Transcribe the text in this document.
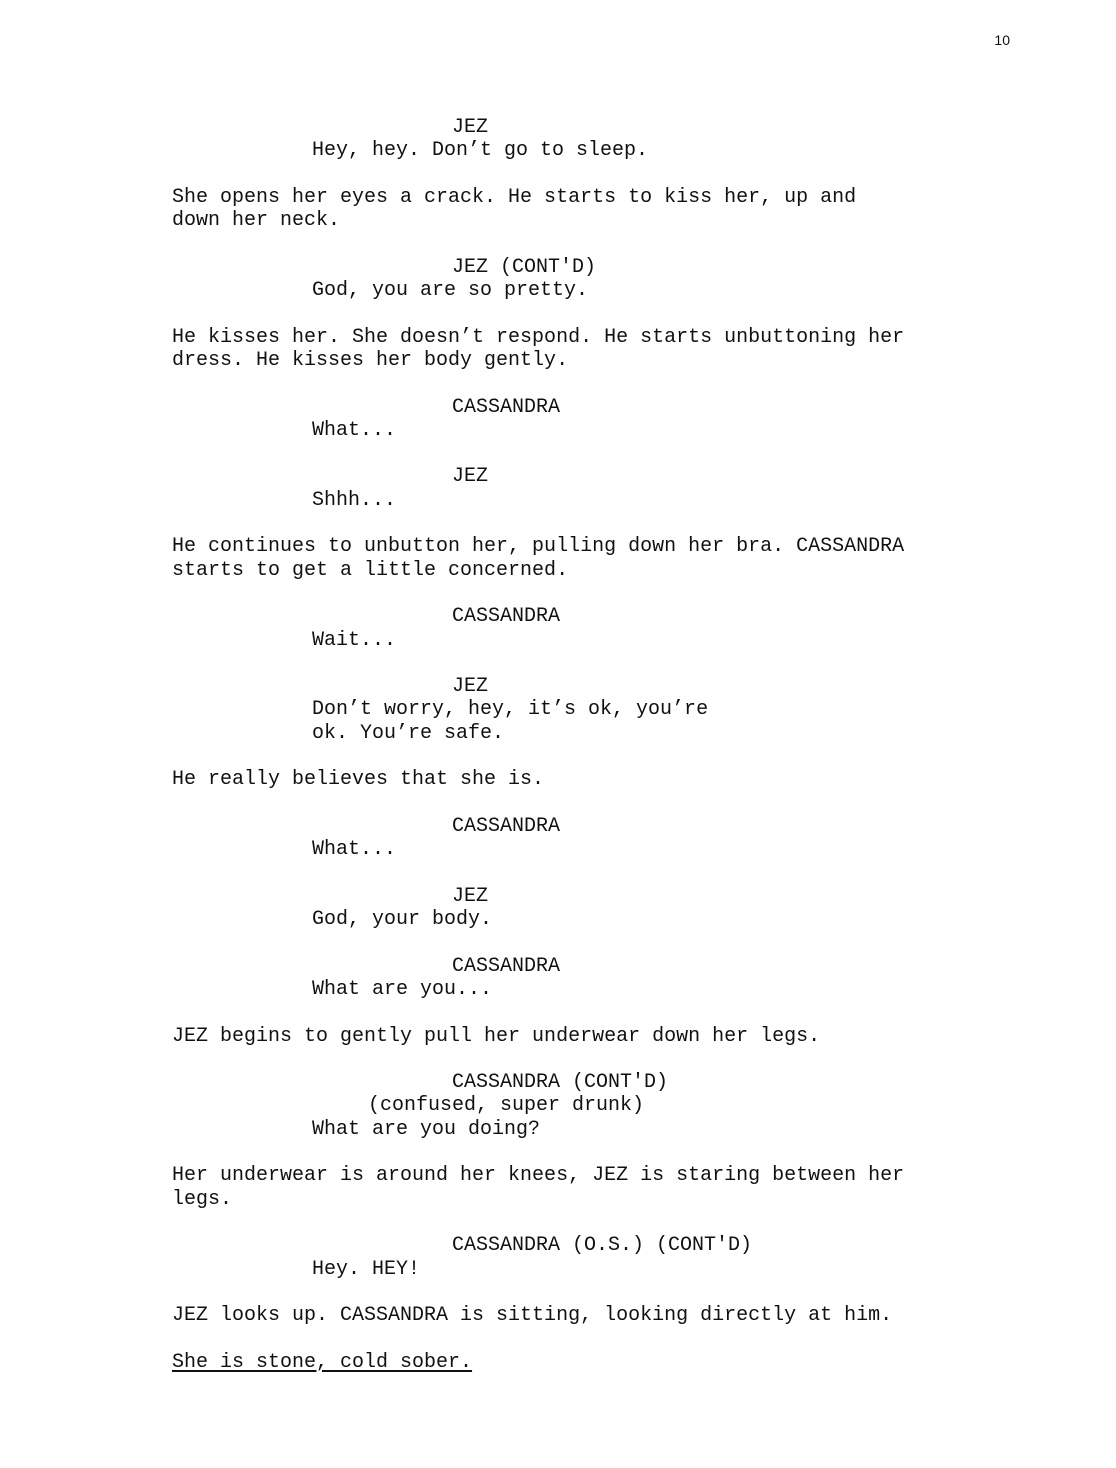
10
JEZ
Hey, hey. Don’t go to sleep.
She opens her eyes a crack. He starts to kiss her, up and
down her neck.
JEZ (CONT'D)
God, you are so pretty.
He kisses her. She doesn’t respond. He starts unbuttoning her
dress. He kisses her body gently.
CASSANDRA
What...
JEZ
Shhh...
He continues to unbutton her, pulling down her bra. CASSANDRA
starts to get a little concerned.
CASSANDRA
Wait...
JEZ
Don’t worry, hey, it’s ok, you’re
ok. You’re safe.
He really believes that she is.
CASSANDRA
What...
JEZ
God, your body.
CASSANDRA
What are you...
JEZ begins to gently pull her underwear down her legs.
CASSANDRA (CONT'D)
(confused, super drunk)
What are you doing?
Her underwear is around her knees, JEZ is staring between her
legs.
CASSANDRA (O.S.) (CONT'D)
Hey. HEY!
JEZ looks up. CASSANDRA is sitting, looking directly at him.
She is stone, cold sober.
